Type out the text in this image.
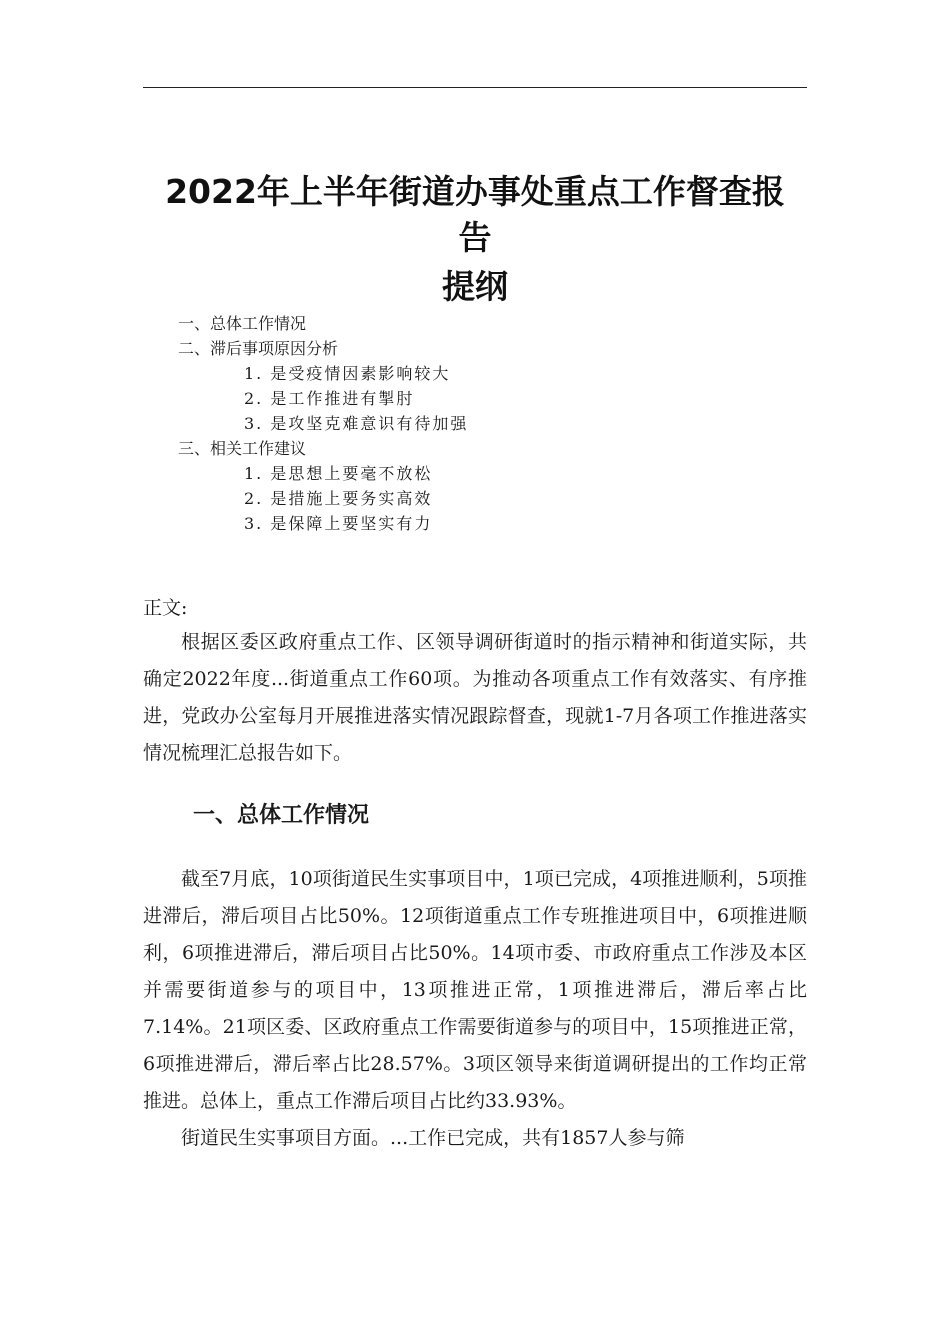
2022年上半年街道办事处重点工作督查报
告
提纲
一、总体工作情况
二、滞后事项原因分析
1. 是受疫情因素影响较大
2. 是工作推进有掣肘
3. 是攻坚克难意识有待加强
三、相关工作建议
1. 是思想上要毫不放松
2. 是措施上要务实高效
3. 是保障上要坚实有力
正文:

根据区委区政府重点工作、区领导调研街道时的指示精神和街道实际，共确定2022年度...街道重点工作60项。为推动各项重点工作有效落实、有序推进，党政办公室每月开展推进落实情况跟踪督查，现就1-7月各项工作推进落实情况梳理汇总报告如下。

一、总体工作情况

截至7月底，10项街道民生实事项目中，1项已完成，4项推进顺利，5项推进滞后，滞后项目占比50%。12项街道重点工作专班推进项目中，6项推进顺利，6项推进滞后，滞后项目占比50%。14项市委、市政府重点工作涉及本区并需要街道参与的项目中，13项推进正常，1项推进滞后，滞后率占比7.14%。21项区委、区政府重点工作需要街道参与的项目中，15项推进正常，6项推进滞后，滞后率占比28.57%。3项区领导来街道调研提出的工作均正常推进。总体上，重点工作滞后项目占比约33.93%。

街道民生实事项目方面。...工作已完成，共有1857人参与筛
